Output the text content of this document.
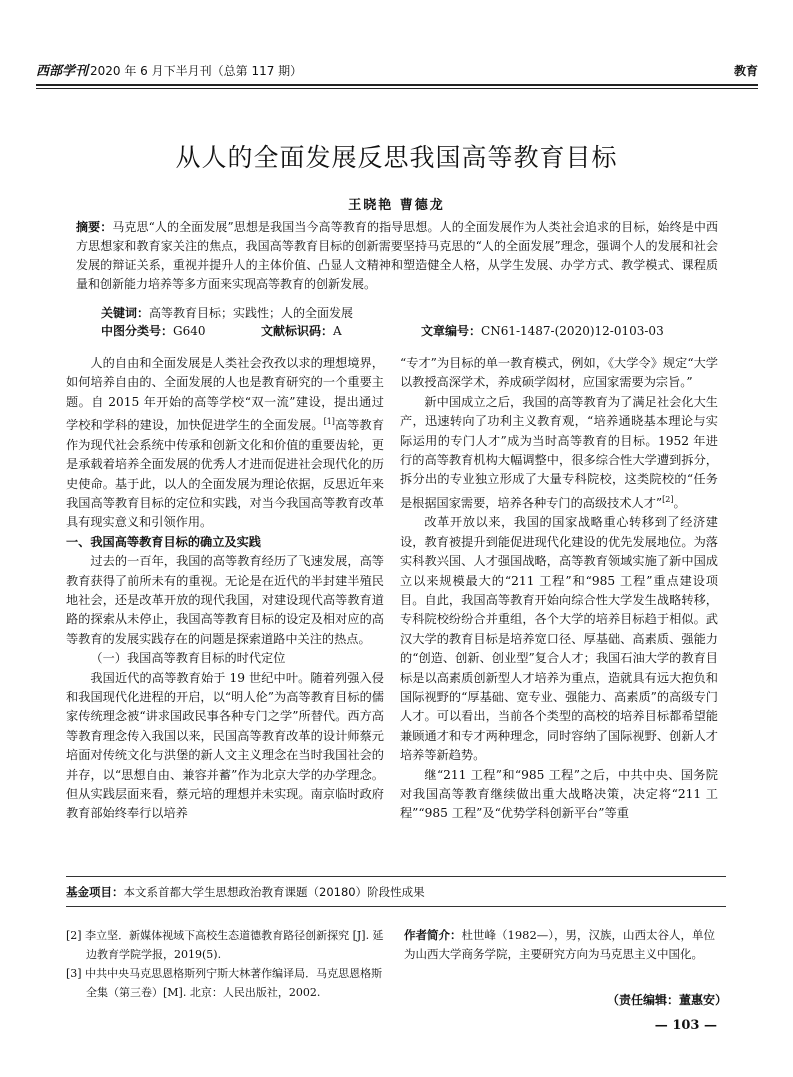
西部学刊 2020 年 6 月下半月刊（总第 117 期）	教育
从人的全面发展反思我国高等教育目标
王晓艳 曹德龙
摘要：马克思“人的全面发展”思想是我国当今高等教育的指导思想。人的全面发展作为人类社会追求的目标，始终是中西方思想家和教育家关注的焦点，我国高等教育目标的创新需要坚持马克思的“人的全面发展”理念，强调个人的发展和社会发展的辩证关系，重视并提升人的主体价值、凸显人文精神和塑造健全人格，从学生发展、办学方式、教学模式、课程质量和创新能力培养等多方面来实现高等教育的创新发展。
关键词：高等教育目标；实践性；人的全面发展
中图分类号：G640	文献标识码：A	文章编号：CN61-1487-(2020)12-0103-03

人的自由和全面发展是人类社会孜孜以求的理想境界，如何培养自由的、全面发展的人也是教育研究的一个重要主题。自 2015 年开始的高等学校“双一流”建设，提出通过学校和学科的建设，加快促进学生的全面发展。[1]高等教育作为现代社会系统中传承和创新文化和价值的重要齿轮，更是承载着培养全面发展的优秀人才进而促进社会现代化的历史使命。基于此，以人的全面发展为理论依据，反思近年来我国高等教育目标的定位和实践，对当今我国高等教育改革具有现实意义和引领作用。

一、我国高等教育目标的确立及实践

过去的一百年，我国的高等教育经历了飞速发展，高等教育获得了前所未有的重视。无论是在近代的半封建半殖民地社会，还是改革开放的现代我国，对建设现代高等教育道路的探索从未停止，我国高等教育目标的设定及相对应的高等教育的发展实践存在的问题是探索道路中关注的热点。

（一）我国高等教育目标的时代定位

我国近代的高等教育始于 19 世纪中叶。随着列强入侵和我国现代化进程的开启，以“明人伦”为高等教育目标的儒家传统理念被“讲求国政民事各种专门之学”所替代。西方高等教育理念传入我国以来，民国高等教育改革的设计师蔡元培面对传统文化与洪堡的新人文主义理念在当时我国社会的并存，以“思想自由、兼容并蓄”作为北京大学的办学理念。但从实践层面来看，蔡元培的理想并未实现。南京临时政府教育部始终奉行以培养

“专才”为目标的单一教育模式，例如，《大学令》规定“大学以教授高深学术，养成硕学闳材，应国家需要为宗旨。”

新中国成立之后，我国的高等教育为了满足社会化大生产，迅速转向了功利主义教育观，“培养通晓基本理论与实际运用的专门人才”成为当时高等教育的目标。1952 年进行的高等教育机构大幅调整中，很多综合性大学遭到拆分，拆分出的专业独立形成了大量专科院校，这类院校的“任务是根据国家需要，培养各种专门的高级技术人才”[2]。

改革开放以来，我国的国家战略重心转移到了经济建设，教育被提升到能促进现代化建设的优先发展地位。为落实科教兴国、人才强国战略，高等教育领域实施了新中国成立以来规模最大的“211 工程”和“985 工程”重点建设项目。自此，我国高等教育开始向综合性大学发生战略转移，专科院校纷纷合并重组，各个大学的培养目标趋于相似。武汉大学的教育目标是培养宽口径、厚基础、高素质、强能力的“创造、创新、创业型”复合人才；我国石油大学的教育目标是以高素质创新型人才培养为重点，造就具有远大抱负和国际视野的“厚基础、宽专业、强能力、高素质”的高级专门人才。可以看出，当前各个类型的高校的培养目标都希望能兼顾通才和专才两种理念，同时容纳了国际视野、创新人才培养等新趋势。

继“211 工程”和“985 工程”之后，中共中央、国务院对我国高等教育继续做出重大战略决策，决定将“211 工程”“985 工程”及“优势学科创新平台”等重

基金项目：本文系首都大学生思想政治教育课题（20180）阶段性成果
[2] 李立坚．新媒体视域下高校生态道德教育路径创新探究 [J]. 延边教育学院学报，2019(5).
[3] 中共中央马克思恩格斯列宁斯大林著作编译局．马克思恩格斯全集（第三卷）[M]. 北京：人民出版社，2002.
作者简介：杜世峰（1982—），男，汉族，山西太谷人，单位为山西大学商务学院，主要研究方向为马克思主义中国化。
（责任编辑：董惠安）
— 103 —
